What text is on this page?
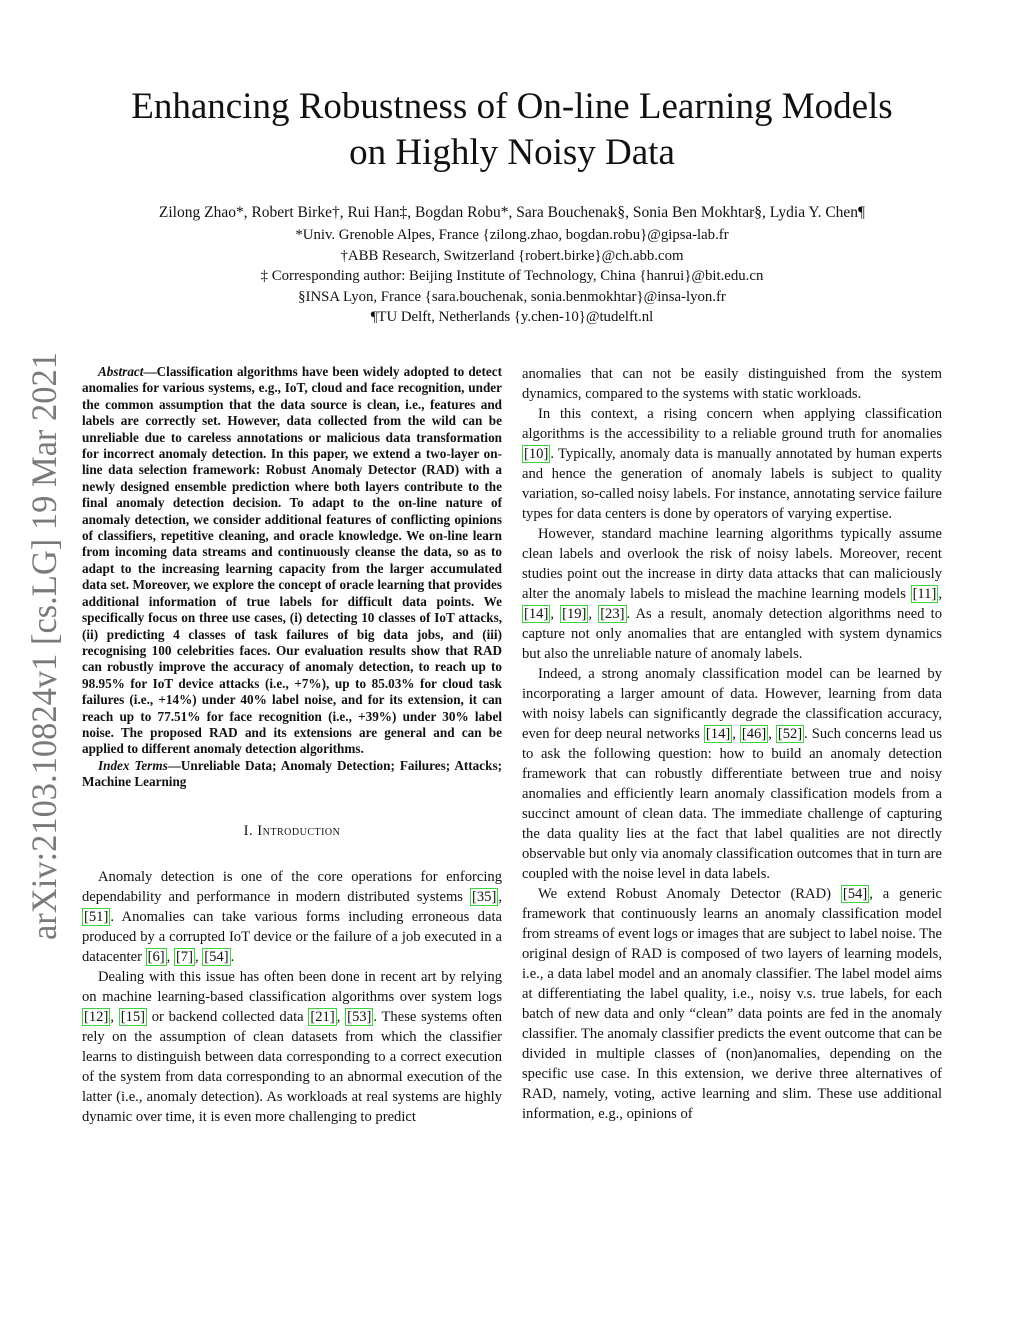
arXiv:2103.10824v1 [cs.LG] 19 Mar 2021
Enhancing Robustness of On-line Learning Models
on Highly Noisy Data
Zilong Zhao*, Robert Birke†, Rui Han‡, Bogdan Robu*, Sara Bouchenak§, Sonia Ben Mokhtar§, Lydia Y. Chen¶
*Univ. Grenoble Alpes, France {zilong.zhao, bogdan.robu}@gipsa-lab.fr
†ABB Research, Switzerland {robert.birke}@ch.abb.com
‡ Corresponding author: Beijing Institute of Technology, China {hanrui}@bit.edu.cn
§INSA Lyon, France {sara.bouchenak, sonia.benmokhtar}@insa-lyon.fr
¶TU Delft, Netherlands {y.chen-10}@tudelft.nl

Abstract—Classification algorithms have been widely adopted to detect anomalies for various systems, e.g., IoT, cloud and face recognition, under the common assumption that the data source is clean, i.e., features and labels are correctly set. However, data collected from the wild can be unreliable due to careless annotations or malicious data transformation for incorrect anomaly detection. In this paper, we extend a two-layer on-line data selection framework: Robust Anomaly Detector (RAD) with a newly designed ensemble prediction where both layers contribute to the final anomaly detection decision. To adapt to the on-line nature of anomaly detection, we consider additional features of conflicting opinions of classifiers, repetitive cleaning, and oracle knowledge. We on-line learn from incoming data streams and continuously cleanse the data, so as to adapt to the increasing learning capacity from the larger accumulated data set. Moreover, we explore the concept of oracle learning that provides additional information of true labels for difficult data points. We specifically focus on three use cases, (i) detecting 10 classes of IoT attacks, (ii) predicting 4 classes of task failures of big data jobs, and (iii) recognising 100 celebrities faces. Our evaluation results show that RAD can robustly improve the accuracy of anomaly detection, to reach up to 98.95% for IoT device attacks (i.e., +7%), up to 85.03% for cloud task failures (i.e., +14%) under 40% label noise, and for its extension, it can reach up to 77.51% for face recognition (i.e., +39%) under 30% label noise. The proposed RAD and its extensions are general and can be applied to different anomaly detection algorithms.

Index Terms—Unreliable Data; Anomaly Detection; Failures; Attacks; Machine Learning

I. Introduction

Anomaly detection is one of the core operations for enforcing dependability and performance in modern distributed systems [35] , [51] . Anomalies can take various forms including erroneous data produced by a corrupted IoT device or the failure of a job executed in a datacenter [6] , [7] , [54] .

Dealing with this issue has often been done in recent art by relying on machine learning-based classification algorithms over system logs [12] , [15] or backend collected data [21] , [53] . These systems often rely on the assumption of clean datasets from which the classifier learns to distinguish between data corresponding to a correct execution of the system from data corresponding to an abnormal execution of the latter (i.e., anomaly detection). As workloads at real systems are highly dynamic over time, it is even more challenging to predict

anomalies that can not be easily distinguished from the system dynamics, compared to the systems with static workloads.

In this context, a rising concern when applying classification algorithms is the accessibility to a reliable ground truth for anomalies [10] . Typically, anomaly data is manually annotated by human experts and hence the generation of anomaly labels is subject to quality variation, so-called noisy labels. For instance, annotating service failure types for data centers is done by operators of varying expertise.

However, standard machine learning algorithms typically assume clean labels and overlook the risk of noisy labels. Moreover, recent studies point out the increase in dirty data attacks that can maliciously alter the anomaly labels to mislead the machine learning models [11] , [14] , [19] , [23] . As a result, anomaly detection algorithms need to capture not only anomalies that are entangled with system dynamics but also the unreliable nature of anomaly labels.

Indeed, a strong anomaly classification model can be learned by incorporating a larger amount of data. However, learning from data with noisy labels can significantly degrade the classification accuracy, even for deep neural networks [14] , [46] , [52] . Such concerns lead us to ask the following question: how to build an anomaly detection framework that can robustly differentiate between true and noisy anomalies and efficiently learn anomaly classification models from a succinct amount of clean data. The immediate challenge of capturing the data quality lies at the fact that label qualities are not directly observable but only via anomaly classification outcomes that in turn are coupled with the noise level in data labels.

We extend Robust Anomaly Detector (RAD) [54] , a generic framework that continuously learns an anomaly classification model from streams of event logs or images that are subject to label noise. The original design of RAD is composed of two layers of learning models, i.e., a data label model and an anomaly classifier. The label model aims at differentiating the label quality, i.e., noisy v.s. true labels, for each batch of new data and only “clean” data points are fed in the anomaly classifier. The anomaly classifier predicts the event outcome that can be divided in multiple classes of (non)anomalies, depending on the specific use case. In this extension, we derive three alternatives of RAD, namely, voting, active learning and slim. These use additional information, e.g., opinions of
